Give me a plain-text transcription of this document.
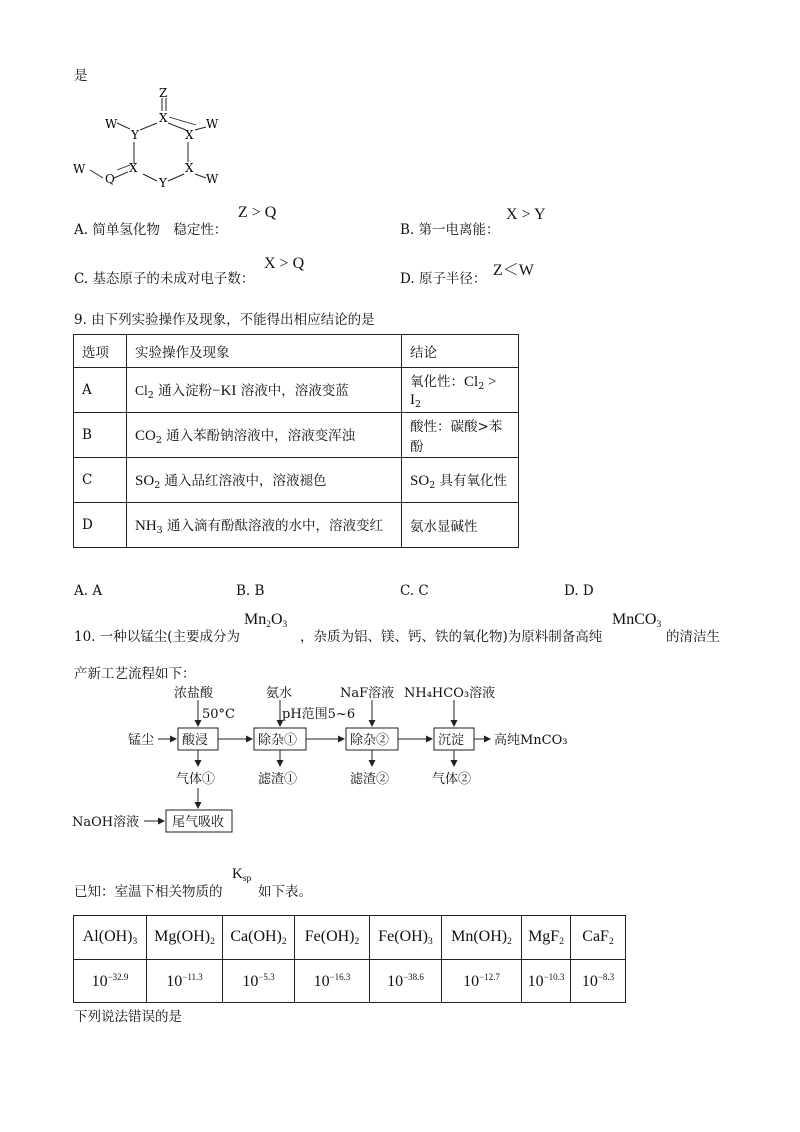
是
Z
X
X
X
Y
X
Y
W	W
W
W
Q
A. 简单氢化物　稳定性：
Z > Q
B. 第一电离能：
X > Y
C. 基态原子的未成对电子数：
X > Q
D. 原子半径： Z＜W
9. 由下列实验操作及现象，不能得出相应结论的是
选项	实验操作及现象	结论
A	$Cl_2$ 通入淀粉−KI 溶液中，溶液变蓝	氧化性：$Cl_2 > I_2$
B	$CO_2$ 通入苯酚钠溶液中，溶液变浑浊	酸性：碳酸>苯酚
C	$SO_2$ 通入品红溶液中，溶液褪色	$SO_2$ 具有氧化性
D	$NH_3$ 通入滴有酚酞溶液的水中，溶液变红	氨水显碱性
A. A	B. B	C. C	D. D
10. 一种以锰尘(主要成分为
$Mn_2O_3$
，杂质为铝、镁、钙、铁的氧化物)为原料制备高纯
MnCO$_3$
的清洁生
产新工艺流程如下：
锰尘 酸浸	除杂①	除杂②	沉淀 高纯MnCO₃
浓盐酸	氨水	NaF溶液 NH₄HCO₃溶液
50°C	pH范围5~6
气体①	滤渣①	滤渣②	气体②
NaOH溶液	尾气吸收
已知：室温下相关物质的
$K_{sp}$
如下表。
$Al(OH)_3$	$Mg(OH)_2$	$Ca(OH)_2$	$Fe(OH)_2$	$Fe(OH)_3$	$Mn(OH)_2$	MgF$_2$	CaF$_2$
$10^{-32.9}$	$10^{-11.3}$	$10^{-5.3}$	$10^{-16.3}$	$10^{-38.6}$	$10^{-12.7}$	$10^{-10.3}$	$10^{-8.3}$
下列说法错误的是
